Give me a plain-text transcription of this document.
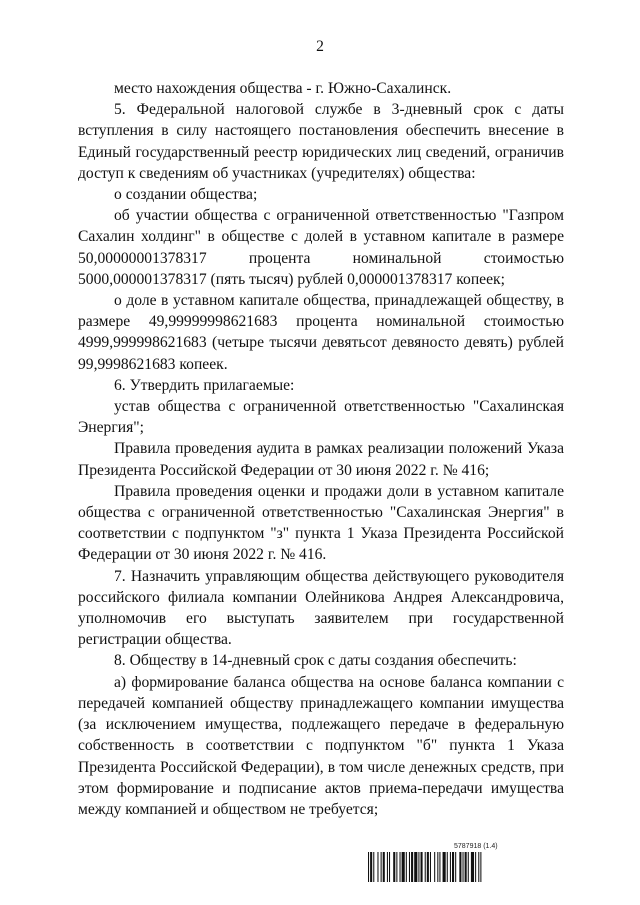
2

место нахождения общества - г. Южно-Сахалинск.

5. Федеральной налоговой службе в 3-дневный срок с даты вступления в силу настоящего постановления обеспечить внесение в Единый государственный реестр юридических лиц сведений, ограничив доступ к сведениям об участниках (учредителях) общества:

о создании общества;

об участии общества с ограниченной ответственностью "Газпром Сахалин холдинг" в обществе с долей в уставном капитале в размере 50,00000001378317 процента номинальной стоимостью 5000,000001378317 (пять тысяч) рублей 0,000001378317 копеек;

о доле в уставном капитале общества, принадлежащей обществу, в размере 49,99999998621683 процента номинальной стоимостью 4999,999998621683 (четыре тысячи девятьсот девяносто девять) рублей 99,9998621683 копеек.

6. Утвердить прилагаемые:

устав общества с ограниченной ответственностью "Сахалинская Энергия";

Правила проведения аудита в рамках реализации положений Указа Президента Российской Федерации от 30 июня 2022 г. № 416;

Правила проведения оценки и продажи доли в уставном капитале общества с ограниченной ответственностью "Сахалинская Энергия" в соответствии с подпунктом "з" пункта 1 Указа Президента Российской Федерации от 30 июня 2022 г. № 416.

7. Назначить управляющим общества действующего руководителя российского филиала компании Олейникова Андрея Александровича, уполномочив его выступать заявителем при государственной регистрации общества.

8. Обществу в 14-дневный срок с даты создания обеспечить:

а) формирование баланса общества на основе баланса компании с передачей компанией обществу принадлежащего компании имущества (за исключением имущества, подлежащего передаче в федеральную собственность в соответствии с подпунктом "б" пункта 1 Указа Президента Российской Федерации), в том числе денежных средств, при этом формирование и подписание актов приема-передачи имущества между компанией и обществом не требуется;

5787918 (1.4)
